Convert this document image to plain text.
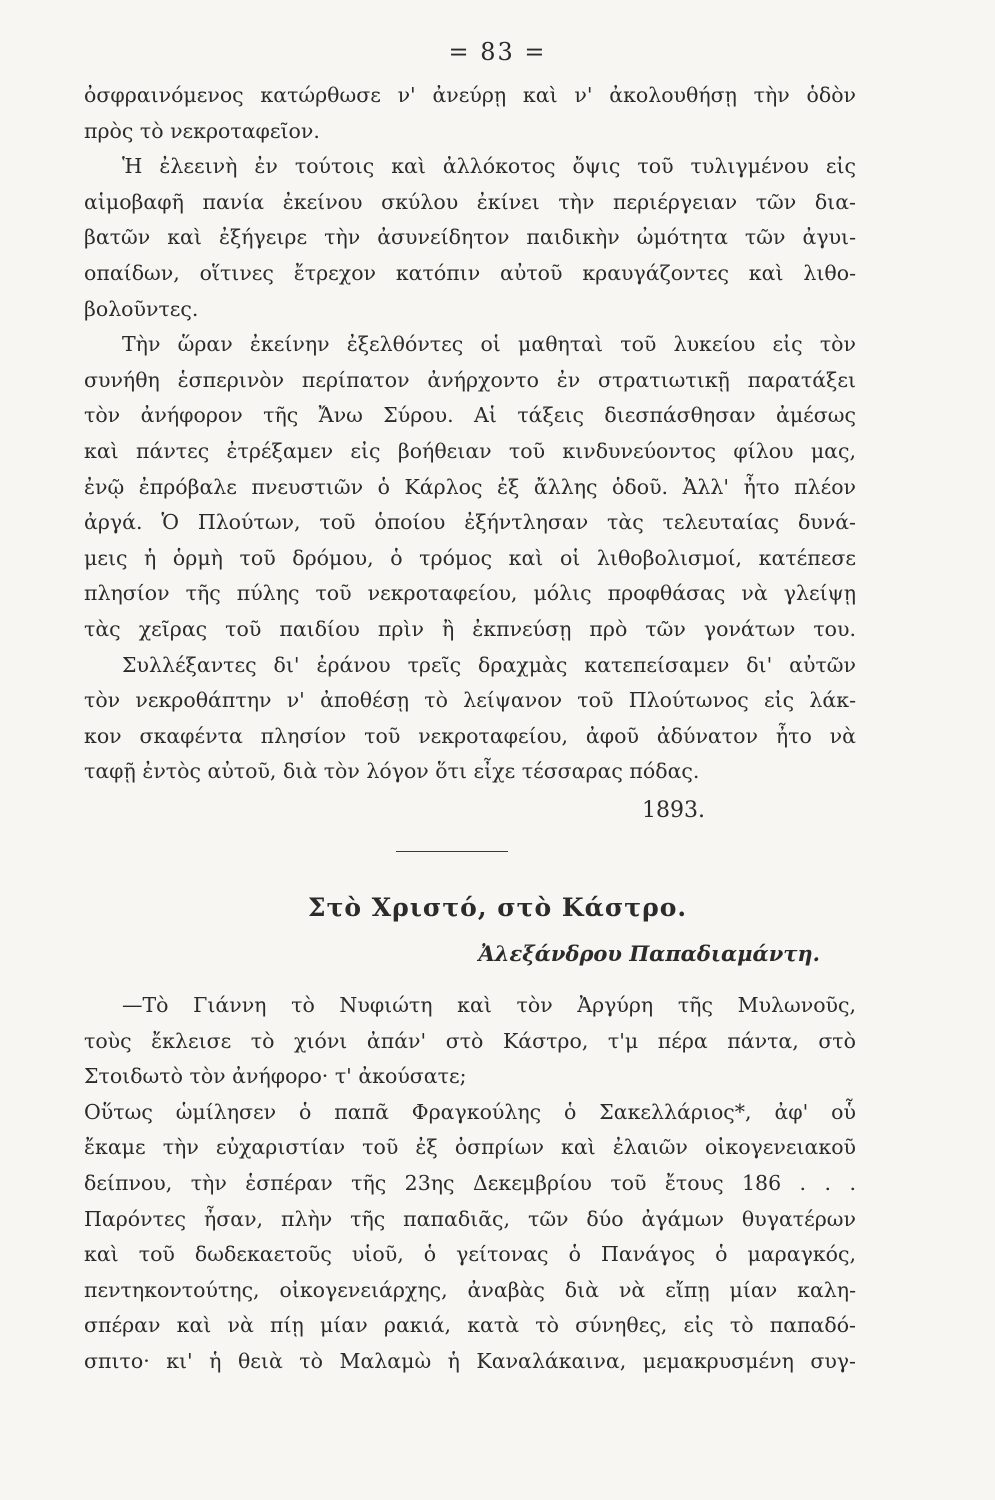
= 83 =
ὀσφραινόμενος κατώρθωσε ν' ἀνεύρῃ καὶ ν' ἀκολουθήσῃ τὴν ὁδὸν
πρὸς τὸ νεκροταφεῖον.
Ἡ ἐλεεινὴ ἐν τούτοις καὶ ἀλλόκοτος ὄψις τοῦ τυλιγμένου εἰς
αἱμοβαφῆ πανία ἐκείνου σκύλου ἐκίνει τὴν περιέργειαν τῶν δια-
βατῶν καὶ ἐξήγειρε τὴν ἀσυνείδητον παιδικὴν ὠμότητα τῶν ἀγυι-
οπαίδων, οἵτινες ἔτρεχον κατόπιν αὐτοῦ κραυγάζοντες καὶ λιθο-
βολοῦντες.
Τὴν ὥραν ἐκείνην ἐξελθόντες οἱ μαθηταὶ τοῦ λυκείου εἰς τὸν
συνήθη ἑσπερινὸν περίπατον ἀνήρχοντο ἐν στρατιωτικῇ παρατάξει
τὸν ἀνήφορον τῆς Ἄνω Σύρου. Αἱ τάξεις διεσπάσθησαν ἀμέσως
καὶ πάντες ἐτρέξαμεν εἰς βοήθειαν τοῦ κινδυνεύοντος φίλου μας,
ἐνῷ ἐπρόβαλε πνευστιῶν ὁ Κάρλος ἐξ ἄλλης ὁδοῦ. Ἀλλ' ἦτο πλέον
ἀργά. Ὁ Πλούτων, τοῦ ὁποίου ἐξήντλησαν τὰς τελευταίας δυνά-
μεις ἡ ὁρμὴ τοῦ δρόμου, ὁ τρόμος καὶ οἱ λιθοβολισμοί, κατέπεσε
πλησίον τῆς πύλης τοῦ νεκροταφείου, μόλις προφθάσας νὰ γλείψῃ
τὰς χεῖρας τοῦ παιδίου πρὶν ἢ ἐκπνεύσῃ πρὸ τῶν γονάτων του.
Συλλέξαντες δι' ἐράνου τρεῖς δραχμὰς κατεπείσαμεν δι' αὐτῶν
τὸν νεκροθάπτην ν' ἀποθέσῃ τὸ λείψανον τοῦ Πλούτωνος εἰς λάκ-
κον σκαφέντα πλησίον τοῦ νεκροταφείου, ἀφοῦ ἀδύνατον ἦτο νὰ
ταφῇ ἐντὸς αὐτοῦ, διὰ τὸν λόγον ὅτι εἶχε τέσσαρας πόδας.
1893.
Στὸ Χριστό, στὸ Κάστρο.
Ἀλεξάνδρου Παπαδιαμάντη.
—Τὸ Γιάννη τὸ Νυφιώτη καὶ τὸν Ἀργύρη τῆς Μυλωνοῦς,
τοὺς ἔκλεισε τὸ χιόνι ἀπάν' στὸ Κάστρο, τ'μ πέρα πάντα, στὸ
Στοιδωτὸ τὸν ἀνήφορο· τ' ἀκούσατε;
Οὕτως ὡμίλησεν ὁ παπᾶ Φραγκούλης ὁ Σακελλάριος*, ἀφ' οὗ
ἔκαμε τὴν εὐχαριστίαν τοῦ ἐξ ὀσπρίων καὶ ἐλαιῶν οἰκογενειακοῦ
δείπνου, τὴν ἑσπέραν τῆς 23ης Δεκεμβρίου τοῦ ἔτους 186 . . .
Παρόντες ἦσαν, πλὴν τῆς παπαδιᾶς, τῶν δύο ἀγάμων θυγατέρων
καὶ τοῦ δωδεκαετοῦς υἱοῦ, ὁ γείτονας ὁ Πανάγος ὁ μαραγκός,
πεντηκοντούτης, οἰκογενειάρχης, ἀναβὰς διὰ νὰ εἴπῃ μίαν καλη-
σπέραν καὶ νὰ πίῃ μίαν ρακιά, κατὰ τὸ σύνηθες, εἰς τὸ παπαδό-
σπιτο· κι' ἡ θειὰ τὸ Μαλαμὼ ἡ Καναλάκαινα, μεμακρυσμένη συγ-
